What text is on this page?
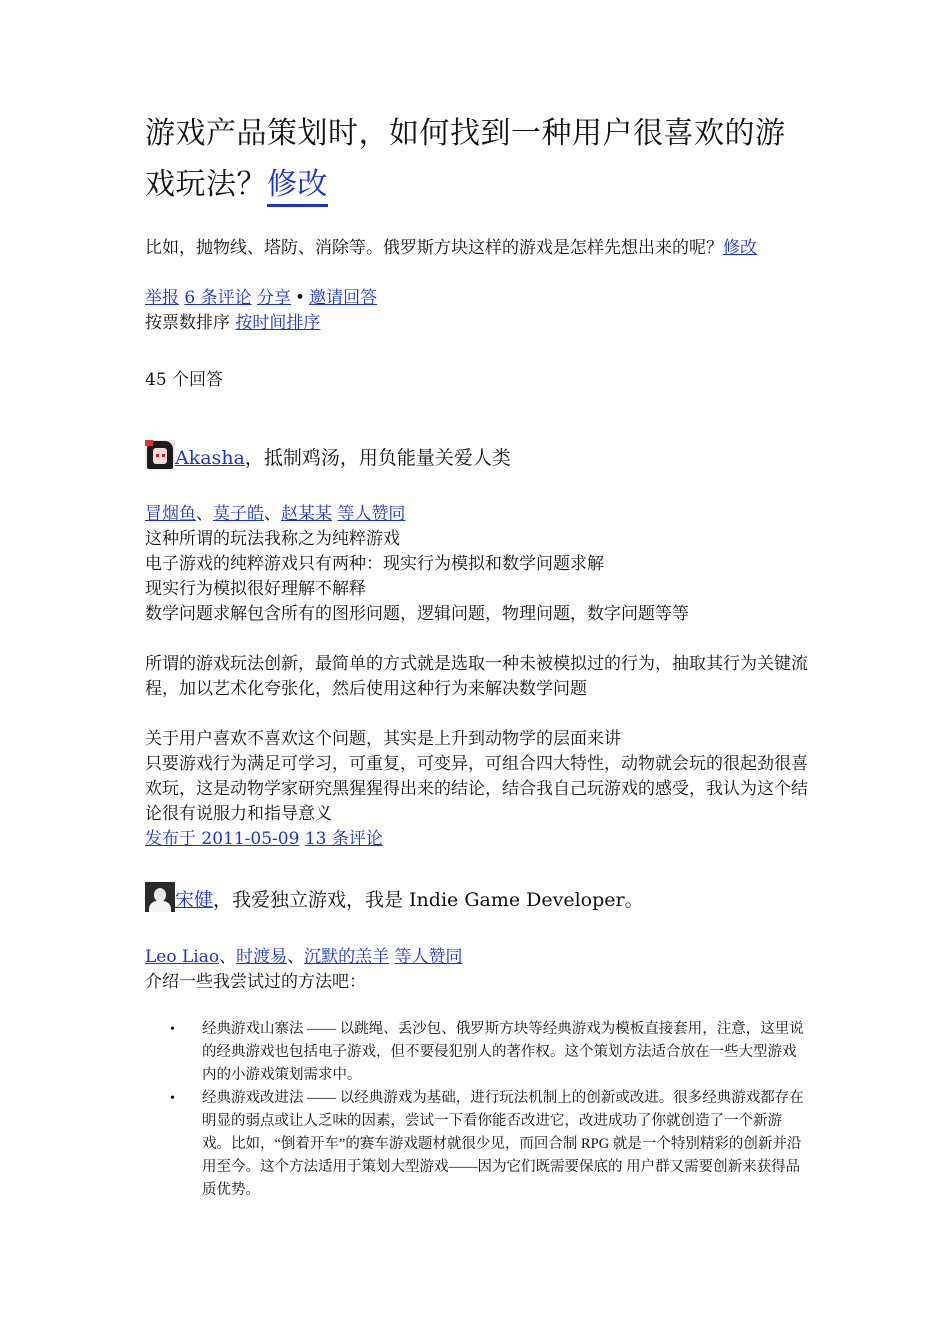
游戏产品策划时，如何找到一种用户很喜欢的游戏玩法？修改
比如，抛物线、塔防、消除等。俄罗斯方块这样的游戏是怎样先想出来的呢？修改
举报 6 条评论 分享 • 邀请回答
按票数排序 按时间排序
45 个回答
Akasha，抵制鸡汤，用负能量关爱人类
冒烟鱼、莫子皓、赵某某 等人赞同

这种所谓的玩法我称之为纯粹游戏

电子游戏的纯粹游戏只有两种：现实行为模拟和数学问题求解

现实行为模拟很好理解不解释

数学问题求解包含所有的图形问题，逻辑问题，物理问题，数字问题等等

所谓的游戏玩法创新，最简单的方式就是选取一种未被模拟过的行为，抽取其行为关键流程，加以艺术化夸张化，然后使用这种行为来解决数学问题

关于用户喜欢不喜欢这个问题，其实是上升到动物学的层面来讲

只要游戏行为满足可学习，可重复，可变异，可组合四大特性，动物就会玩的很起劲很喜欢玩，这是动物学家研究黑猩猩得出来的结论，结合我自己玩游戏的感受，我认为这个结论很有说服力和指导意义

发布于 2011-05-09 13 条评论
宋健，我爱独立游戏，我是 Indie Game Developer。
Leo Liao、时渡易、沉默的羔羊 等人赞同
介绍一些我尝试过的方法吧：
• 经典游戏山寨法 —— 以跳绳、丢沙包、俄罗斯方块等经典游戏为模板直接套用，注意，这里说的经典游戏也包括电子游戏，但不要侵犯别人的著作权。这个策划方法适合放在一些大型游戏内的小游戏策划需求中。
• 经典游戏改进法 —— 以经典游戏为基础，进行玩法机制上的创新或改进。很多经典游戏都存在明显的弱点或让人乏味的因素，尝试一下看你能否改进它，改进成功了你就创造了一个新游 戏。比如，“倒着开车”的赛车游戏题材就很少见，而回合制 RPG 就是一个特别精彩的创新并沿用至今。这个方法适用于策划大型游戏——因为它们既需要保底的 用户群又需要创新来获得品质优势。
